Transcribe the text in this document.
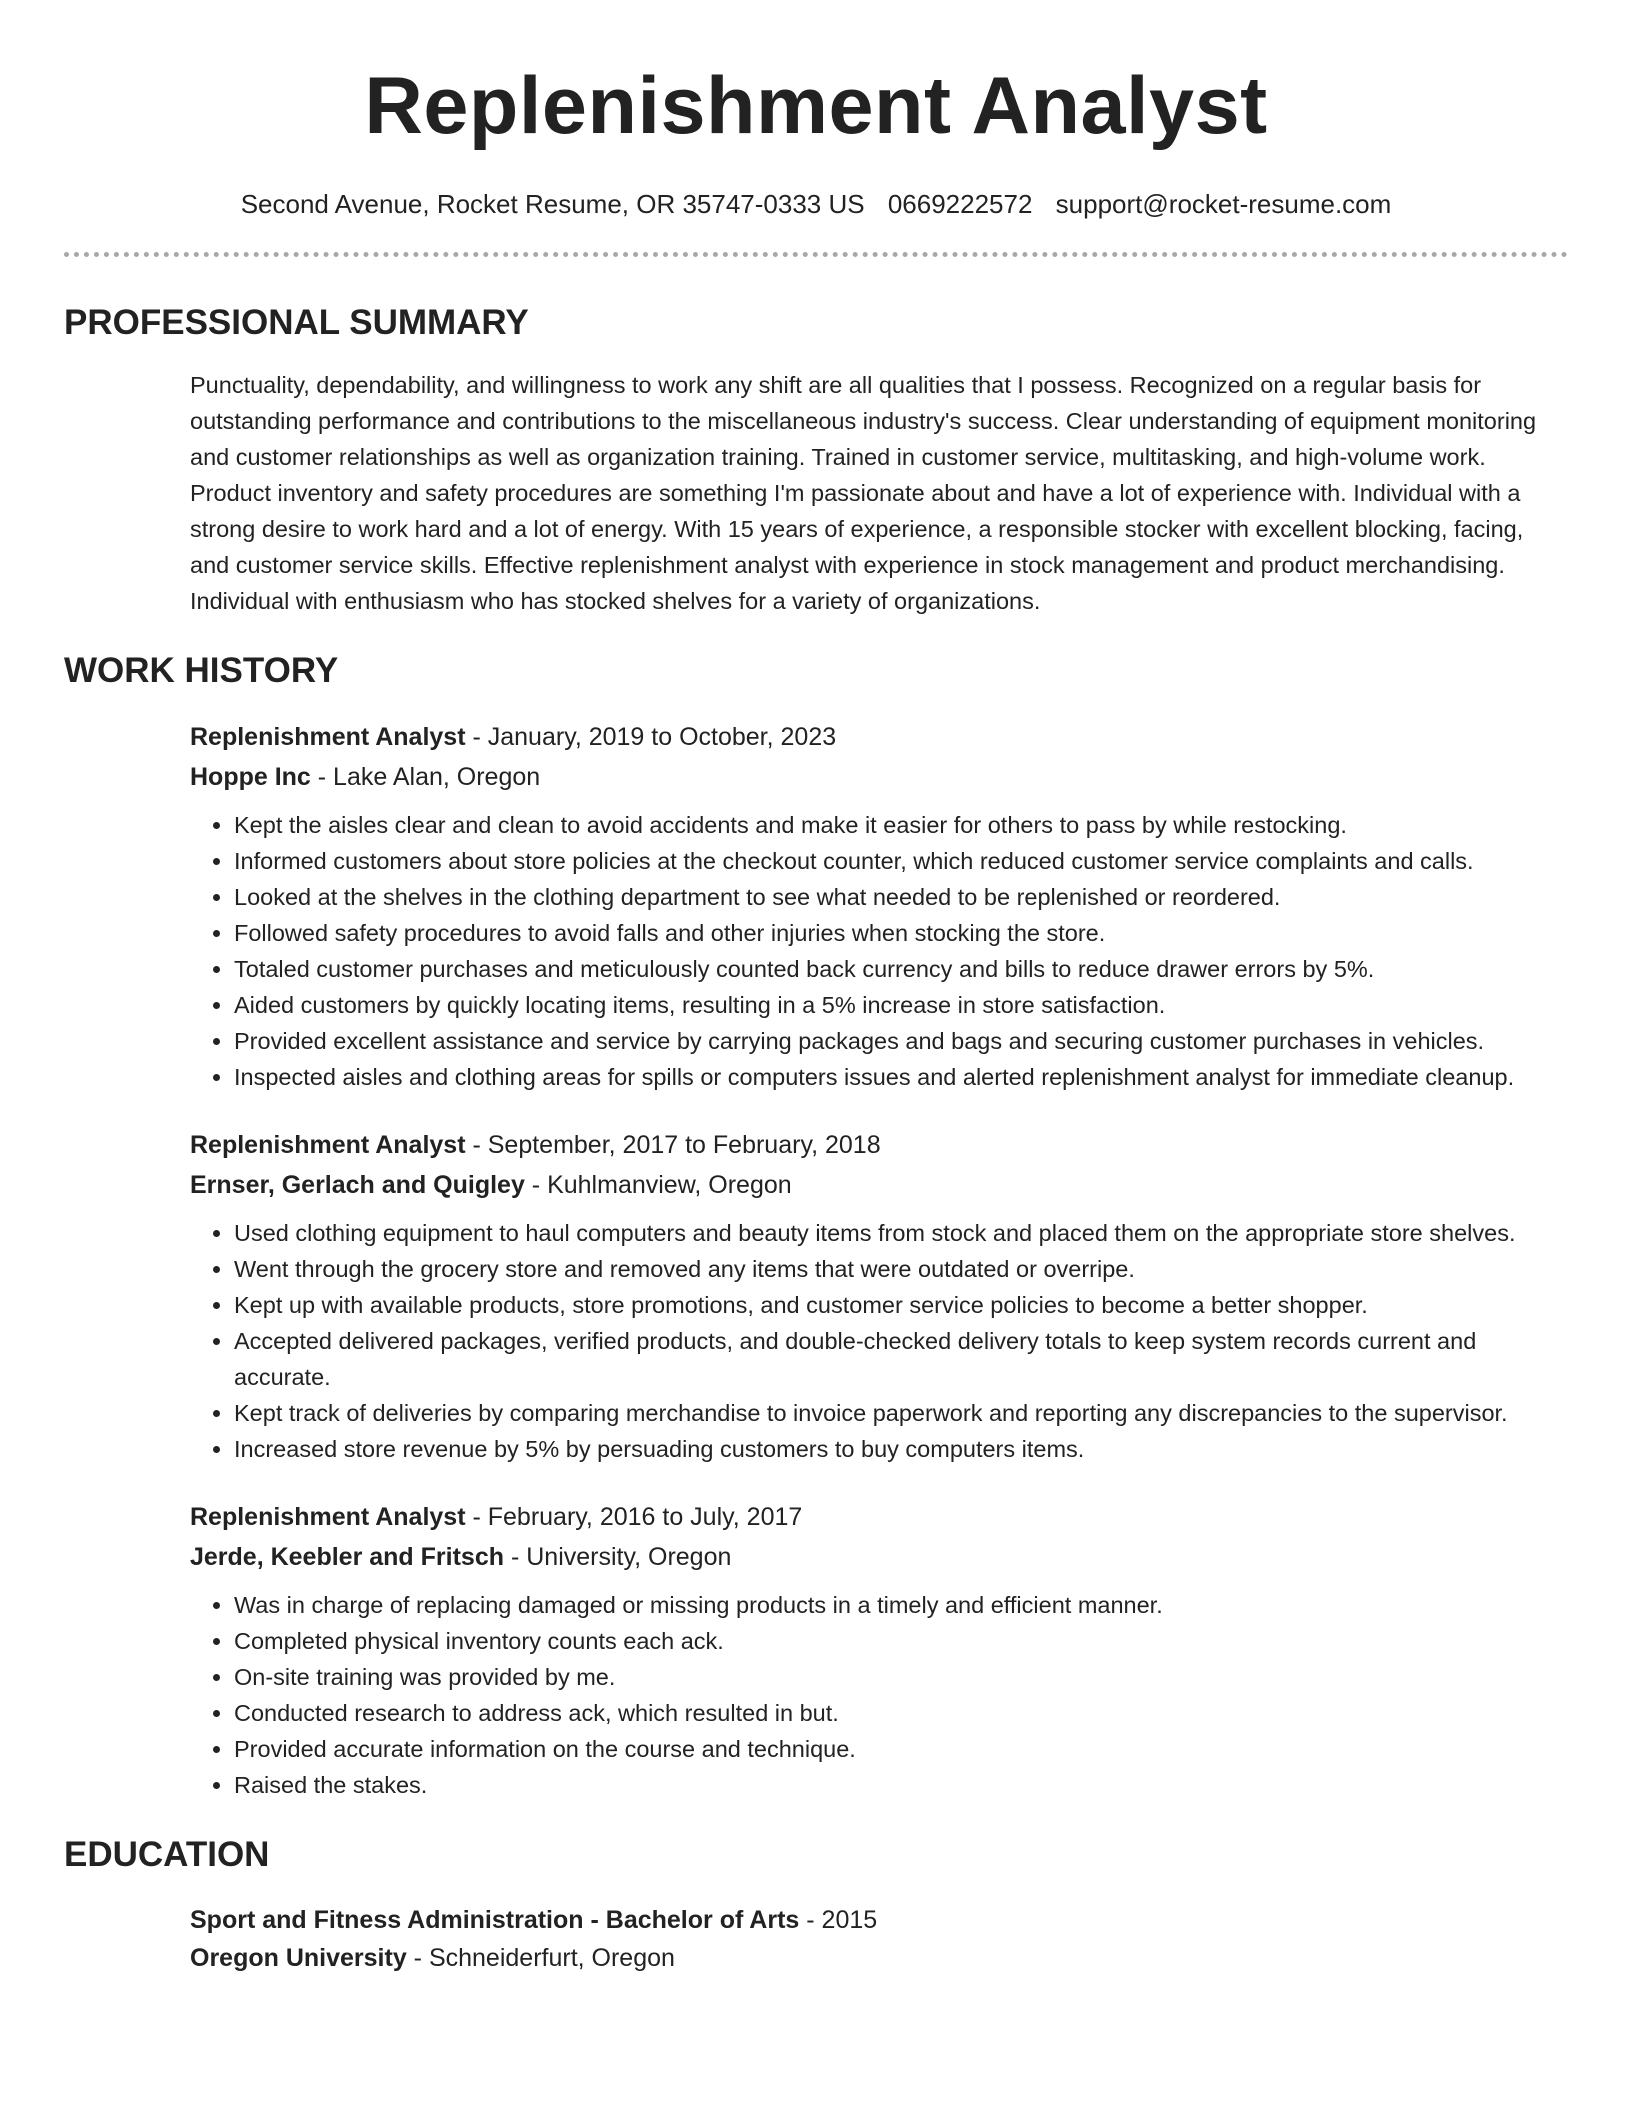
Replenishment Analyst
Second Avenue, Rocket Resume, OR 35747-0333 US 0669222572 support@rocket-resume.com
PROFESSIONAL SUMMARY
Punctuality, dependability, and willingness to work any shift are all qualities that I possess. Recognized on a regular basis for outstanding performance and contributions to the miscellaneous industry's success. Clear understanding of equipment monitoring and customer relationships as well as organization training. Trained in customer service, multitasking, and high-volume work. Product inventory and safety procedures are something I'm passionate about and have a lot of experience with. Individual with a strong desire to work hard and a lot of energy. With 15 years of experience, a responsible stocker with excellent blocking, facing, and customer service skills. Effective replenishment analyst with experience in stock management and product merchandising. Individual with enthusiasm who has stocked shelves for a variety of organizations.
WORK HISTORY
Replenishment Analyst - January, 2019 to October, 2023
Hoppe Inc - Lake Alan, Oregon
• Kept the aisles clear and clean to avoid accidents and make it easier for others to pass by while restocking.
• Informed customers about store policies at the checkout counter, which reduced customer service complaints and calls.
• Looked at the shelves in the clothing department to see what needed to be replenished or reordered.
• Followed safety procedures to avoid falls and other injuries when stocking the store.
• Totaled customer purchases and meticulously counted back currency and bills to reduce drawer errors by 5%.
• Aided customers by quickly locating items, resulting in a 5% increase in store satisfaction.
• Provided excellent assistance and service by carrying packages and bags and securing customer purchases in vehicles.
• Inspected aisles and clothing areas for spills or computers issues and alerted replenishment analyst for immediate cleanup.
Replenishment Analyst - September, 2017 to February, 2018
Ernser, Gerlach and Quigley - Kuhlmanview, Oregon
• Used clothing equipment to haul computers and beauty items from stock and placed them on the appropriate store shelves.
• Went through the grocery store and removed any items that were outdated or overripe.
• Kept up with available products, store promotions, and customer service policies to become a better shopper.
• Accepted delivered packages, verified products, and double-checked delivery totals to keep system records current and accurate.
• Kept track of deliveries by comparing merchandise to invoice paperwork and reporting any discrepancies to the supervisor.
• Increased store revenue by 5% by persuading customers to buy computers items.
Replenishment Analyst - February, 2016 to July, 2017
Jerde, Keebler and Fritsch - University, Oregon
• Was in charge of replacing damaged or missing products in a timely and efficient manner.
• Completed physical inventory counts each ack.
• On-site training was provided by me.
• Conducted research to address ack, which resulted in but.
• Provided accurate information on the course and technique.
• Raised the stakes.
EDUCATION
Sport and Fitness Administration - Bachelor of Arts - 2015
Oregon University - Schneiderfurt, Oregon
